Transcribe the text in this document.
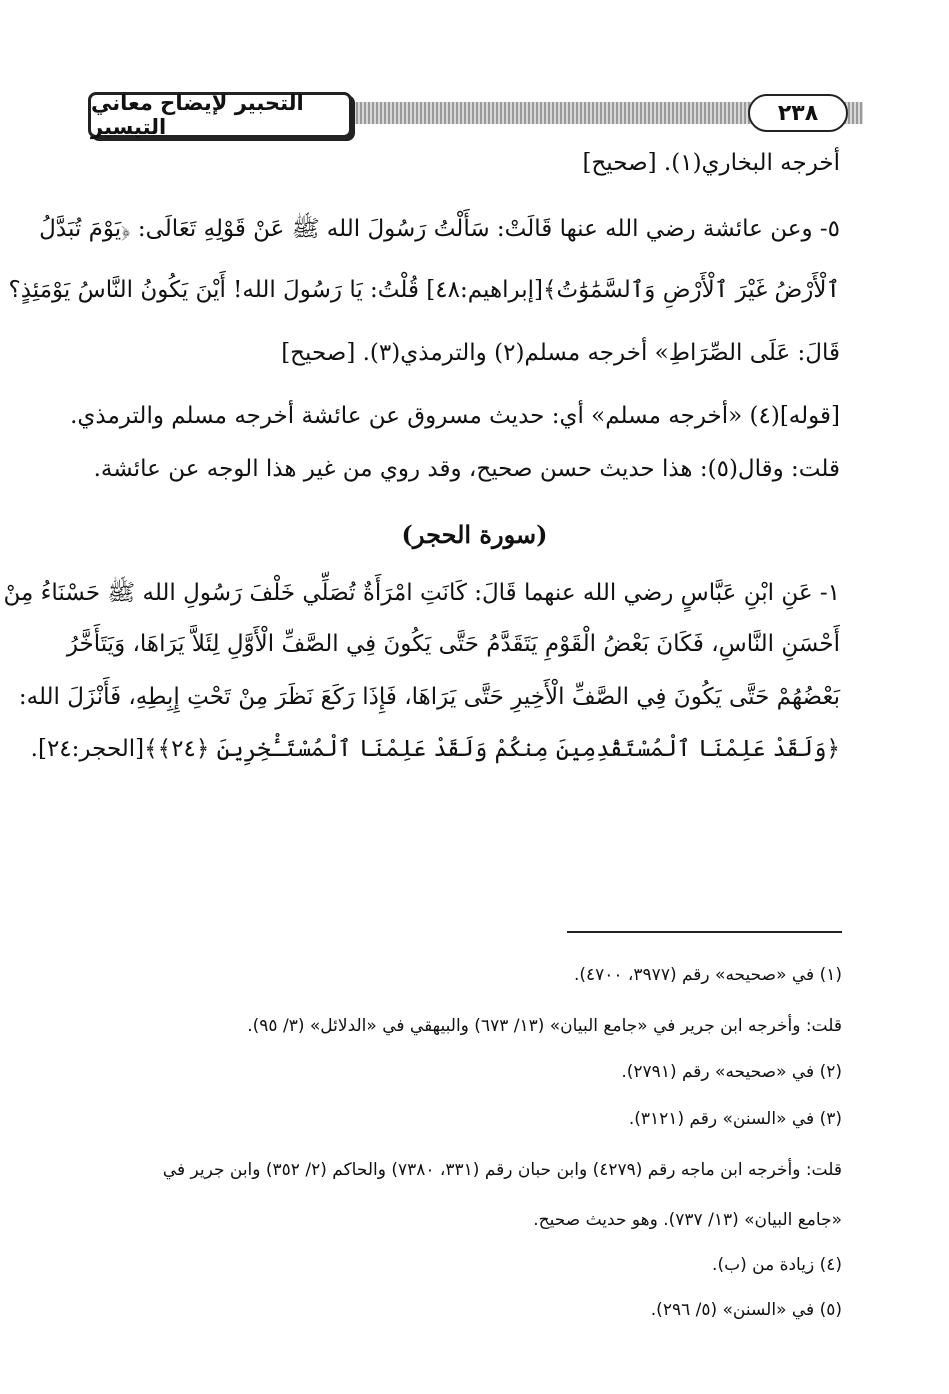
التحبير لإيضاح معاني التيسير
٢٣٨
أخرجه البخاري(١). [صحيح]
٥- وعن عائشة رضي الله عنها قَالَتْ: سَأَلْتُ رَسُولَ الله ﷺ عَنْ قَوْلِهِ تَعَالَى: ﴿يَوْمَ تُبَدَّلُ
ٱلْأَرْضُ غَيْرَ ٱلْأَرْضِ وَٱلسَّمَٰوَٰتُ﴾[إبراهيم:٤٨] قُلْتُ: يَا رَسُولَ الله! أَيْنَ يَكُونُ النَّاسُ يَوْمَئِذٍ؟
قَالَ: عَلَى الصِّرَاطِ» أخرجه مسلم(٢) والترمذي(٣). [صحيح]
[قوله](٤) «أخرجه مسلم» أي: حديث مسروق عن عائشة أخرجه مسلم والترمذي.
قلت: وقال(٥): هذا حديث حسن صحيح، وقد روي من غير هذا الوجه عن عائشة.
(سورة الحجر)
١- عَنِ ابْنِ عَبَّاسٍ رضي الله عنهما قَالَ: كَانَتِ امْرَأَةٌ تُصَلِّي خَلْفَ رَسُولِ الله ﷺ حَسْنَاءُ مِنْ
أَحْسَنِ النَّاسِ، فَكَانَ بَعْضُ الْقَوْمِ يَتَقَدَّمُ حَتَّى يَكُونَ فِي الصَّفِّ الْأَوَّلِ لِئَلاَّ يَرَاهَا، وَيَتَأَخَّرُ
بَعْضُهُمْ حَتَّى يَكُونَ فِي الصَّفِّ الْأَخِيرِ حَتَّى يَرَاهَا، فَإِذَا رَكَعَ نَظَرَ مِنْ تَحْتِ إِبِطِهِ، فَأَنْزَلَ الله:
﴿وَلَقَدْ عَلِمْنَا ٱلْمُسْتَقْدِمِينَ مِنكُمْ وَلَقَدْ عَلِمْنَا ٱلْمُسْتَـْٔخِرِينَ ﴿٢٤﴾﴾[الحجر:٢٤].
(١) في «صحيحه» رقم (٣٩٧٧، ٤٧٠٠).
قلت: وأخرجه ابن جرير في «جامع البيان» (١٣/ ٦٧٣) والبيهقي في «الدلائل» (٣/ ٩٥).
(٢) في «صحيحه» رقم (٢٧٩١).
(٣) في «السنن» رقم (٣١٢١).
قلت: وأخرجه ابن ماجه رقم (٤٢٧٩) وابن حبان رقم (٣٣١، ٧٣٨٠) والحاكم (٢/ ٣٥٢) وابن جرير في
«جامع البيان» (١٣/ ٧٣٧). وهو حديث صحيح.
(٤) زيادة من (ب).
(٥) في «السنن» (٥/ ٢٩٦).
